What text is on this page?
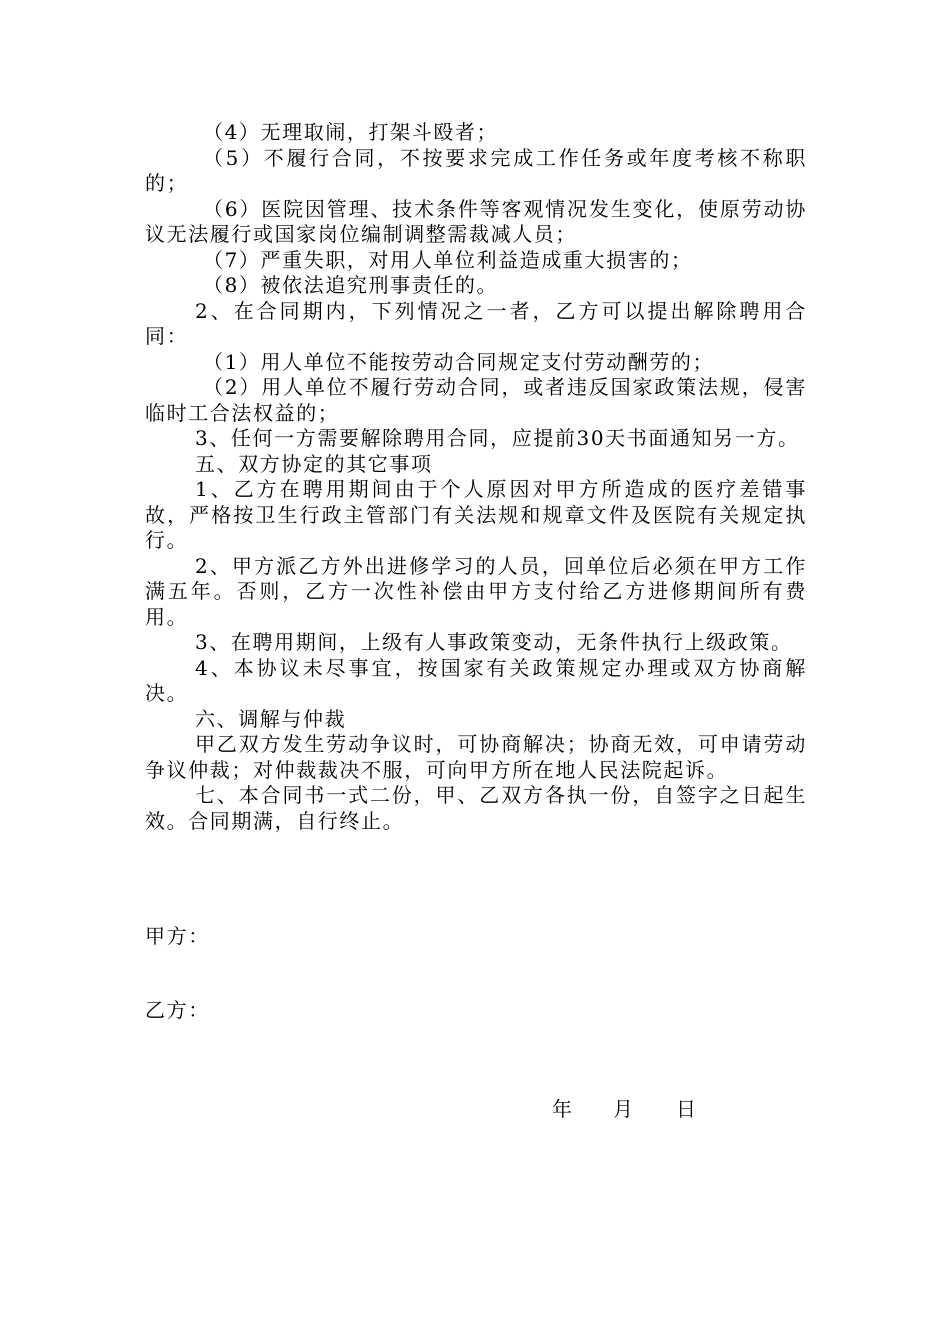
（4）无理取闹，打架斗殴者；

（5）不履行合同，不按要求完成工作任务或年度考核不称职的；

（6）医院因管理、技术条件等客观情况发生变化，使原劳动协议无法履行或国家岗位编制调整需裁减人员；

（7）严重失职，对用人单位利益造成重大损害的；

（8）被依法追究刑事责任的。

2、在合同期内，下列情况之一者，乙方可以提出解除聘用合同：

（1）用人单位不能按劳动合同规定支付劳动酬劳的；

（2）用人单位不履行劳动合同，或者违反国家政策法规，侵害临时工合法权益的；

3、任何一方需要解除聘用合同，应提前30天书面通知另一方。

五、双方协定的其它事项

1、乙方在聘用期间由于个人原因对甲方所造成的医疗差错事故，严格按卫生行政主管部门有关法规和规章文件及医院有关规定执行。

2、甲方派乙方外出进修学习的人员，回单位后必须在甲方工作满五年。否则，乙方一次性补偿由甲方支付给乙方进修期间所有费用。

3、在聘用期间，上级有人事政策变动，无条件执行上级政策。

4、本协议未尽事宜，按国家有关政策规定办理或双方协商解决。

六、调解与仲裁

甲乙双方发生劳动争议时，可协商解决；协商无效，可申请劳动争议仲裁；对仲裁裁决不服，可向甲方所在地人民法院起诉。

七、本合同书一式二份，甲、乙双方各执一份，自签字之日起生效。合同期满，自行终止。

甲方：
乙方：
年 月 日
